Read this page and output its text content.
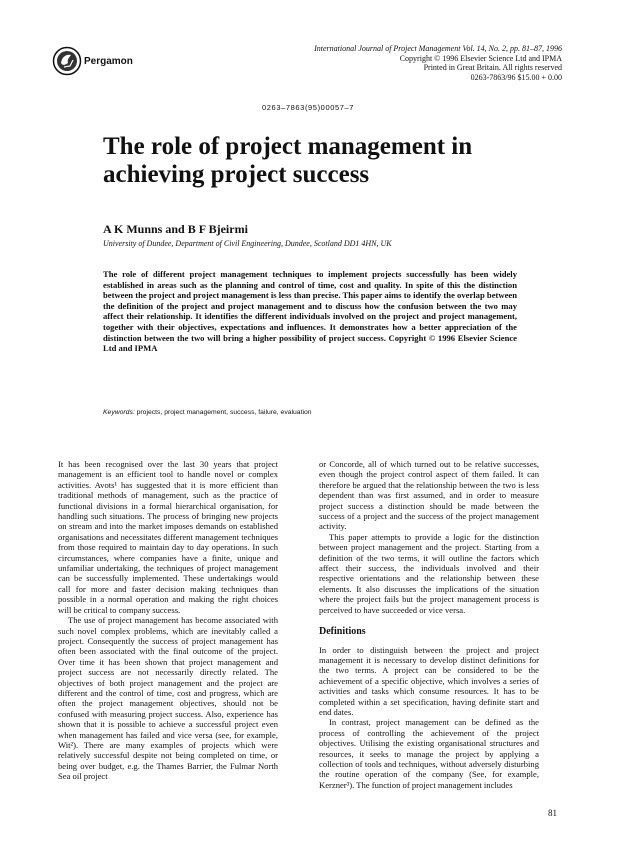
Pergamon
International Journal of Project Management Vol. 14, No. 2, pp. 81–87, 1996
Copyright © 1996 Elsevier Science Ltd and IPMA
Printed in Great Britain. All rights reserved
0263-7863/96 $15.00 + 0.00
0263–7863(95)00057–7
The role of project management in achieving project success
A K Munns and B F Bjeirmi
University of Dundee, Department of Civil Engineering, Dundee, Scotland DD1 4HN, UK

The role of different project management techniques to implement projects successfully has been widely established in areas such as the planning and control of time, cost and quality. In spite of this the distinction between the project and project management is less than precise. This paper aims to identify the overlap between the definition of the project and project management and to discuss how the confusion between the two may affect their relationship. It identifies the different individuals involved on the project and project management, together with their objectives, expectations and influences. It demonstrates how a better appreciation of the distinction between the two will bring a higher possibility of project success. Copyright © 1996 Elsevier Science Ltd and IPMA

Keywords: projects, project management, success, failure, evaluation

It has been recognised over the last 30 years that project management is an efficient tool to handle novel or complex activities. Avots¹ has suggested that it is more efficient than traditional methods of management, such as the practice of functional divisions in a formal hierarchical organisation, for handling such situations. The process of bringing new projects on stream and into the market imposes demands on established organisations and necessitates different management techniques from those required to maintain day to day operations. In such circumstances, where companies have a finite, unique and unfamiliar undertaking, the techniques of project management can be successfully implemented. These undertakings would call for more and faster decision making techniques than possible in a normal operation and making the right choices will be critical to company success.

The use of project management has become associated with such novel complex problems, which are inevitably called a project. Consequently the success of project management has often been associated with the final outcome of the project. Over time it has been shown that project management and project success are not necessarily directly related. The objectives of both project management and the project are different and the control of time, cost and progress, which are often the project management objectives, should not be confused with measuring project success. Also, experience has shown that it is possible to achieve a successful project even when management has failed and vice versa (see, for example, Wit²). There are many examples of projects which were relatively successful despite not being completed on time, or being over budget, e.g. the Thames Barrier, the Fulmar North Sea oil project

or Concorde, all of which turned out to be relative successes, even though the project control aspect of them failed. It can therefore be argued that the relationship between the two is less dependent than was first assumed, and in order to measure project success a distinction should be made between the success of a project and the success of the project management activity.

This paper attempts to provide a logic for the distinction between project management and the project. Starting from a definition of the two terms, it will outline the factors which affect their success, the individuals involved and their respective orientations and the relationship between these elements. It also discusses the implications of the situation where the project fails but the project management process is perceived to have succeeded or vice versa.

Definitions

In order to distinguish between the project and project management it is necessary to develop distinct definitions for the two terms. A project can be considered to be the achievement of a specific objective, which involves a series of activities and tasks which consume resources. It has to be completed within a set specification, having definite start and end dates.

In contrast, project management can be defined as the process of controlling the achievement of the project objectives. Utilising the existing organisational structures and resources, it seeks to manage the project by applying a collection of tools and techniques, without adversely disturbing the routine operation of the company (See, for example, Kerzner³). The function of project management includes

81
